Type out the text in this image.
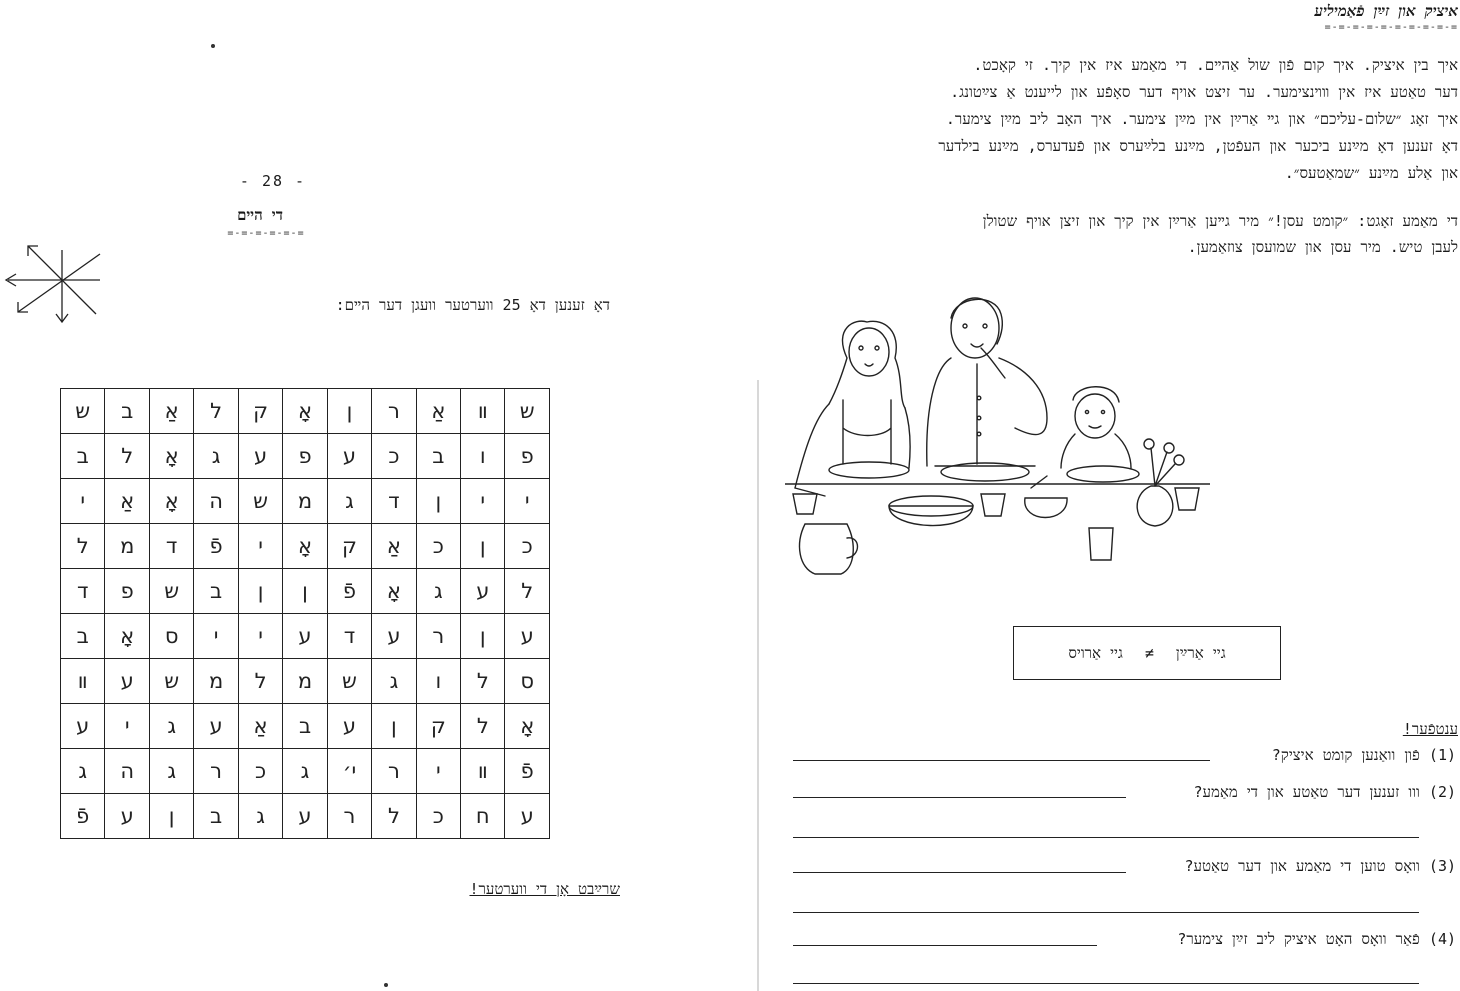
- 28 -
די הײם
=-=-=-=-=-=
דאָ זענען דאָ 25 ווערטער וועגן דער הײם:
ש	ב	אַ	ל	ק	אָ	ן	ר	אַ	װ	ש
ב	ל	אָ	ג	ע	פ	ע	כ	ב	ו	פ
י	אַ	אָ	ה	ש	מ	ג	ד	ן	י	י
ל	מ	ד	פֿ	י	אָ	ק	אַ	כ	ן	כ
ד	פ	ש	ב	ן	ן	פֿ	אָ	ג	ע	ל
ב	אָ	ס	י	י	ע	ד	ע	ר	ן	ע
װ	ע	ש	מ	ל	מ	ש	ג	ו	ל	ס
ע	י	ג	ע	אַ	ב	ע	ן	ק	ל	אָ
ג	ה	ג	ר	כ	ג	י׳	ר	י	װ	פֿ
פֿ	ע	ן	ב	ג	ע	ר	ל	כ	ח	ע
שרײַבט אָן די ווערטער!
איציק און זײַן פֿאַמיליע
=-=-=-=-=-=-=-=-=-=
איך בין איציק. איך קום פֿון שול אַהײם. די מאַמע איז אין קיך. זי קאָכט.
דער טאַטע איז אין װױנצימער. ער זיצט אויף דער סאָפֿע און לייענט אַ צײַטונג.
איך זאָג ״שלום-עליכם״ און גײ אַרײַן אין מײַן צימער. איך האָב ליב מײַן צימער.
דאָ זענען דאָ מײַנע ביכער און העפֿטן, מײַנע בלײַערס און פֿעדערס, מײַנע בילדער
און אַלע מײַנע ״שמאַטעס״.
די מאַמע זאָגט: ״קומט עסן!״ מיר גײען אַרײַן אין קיך און זיצן אויף שטולן
לעבן טיש. מיר עסן און שמועסן צוזאַמען.
גיי אַרײַן
≠
גיי אַרויס
ענטפֿער!
(1) פֿון וואַנען קומט איציק?
(2) ווו זענען דער טאַטע און די מאַמע?
(3) וואָס טוען די מאַמע און דער טאַטע?
(4) פֿאַר וואָס האָט איציק ליב זײַן צימער?
